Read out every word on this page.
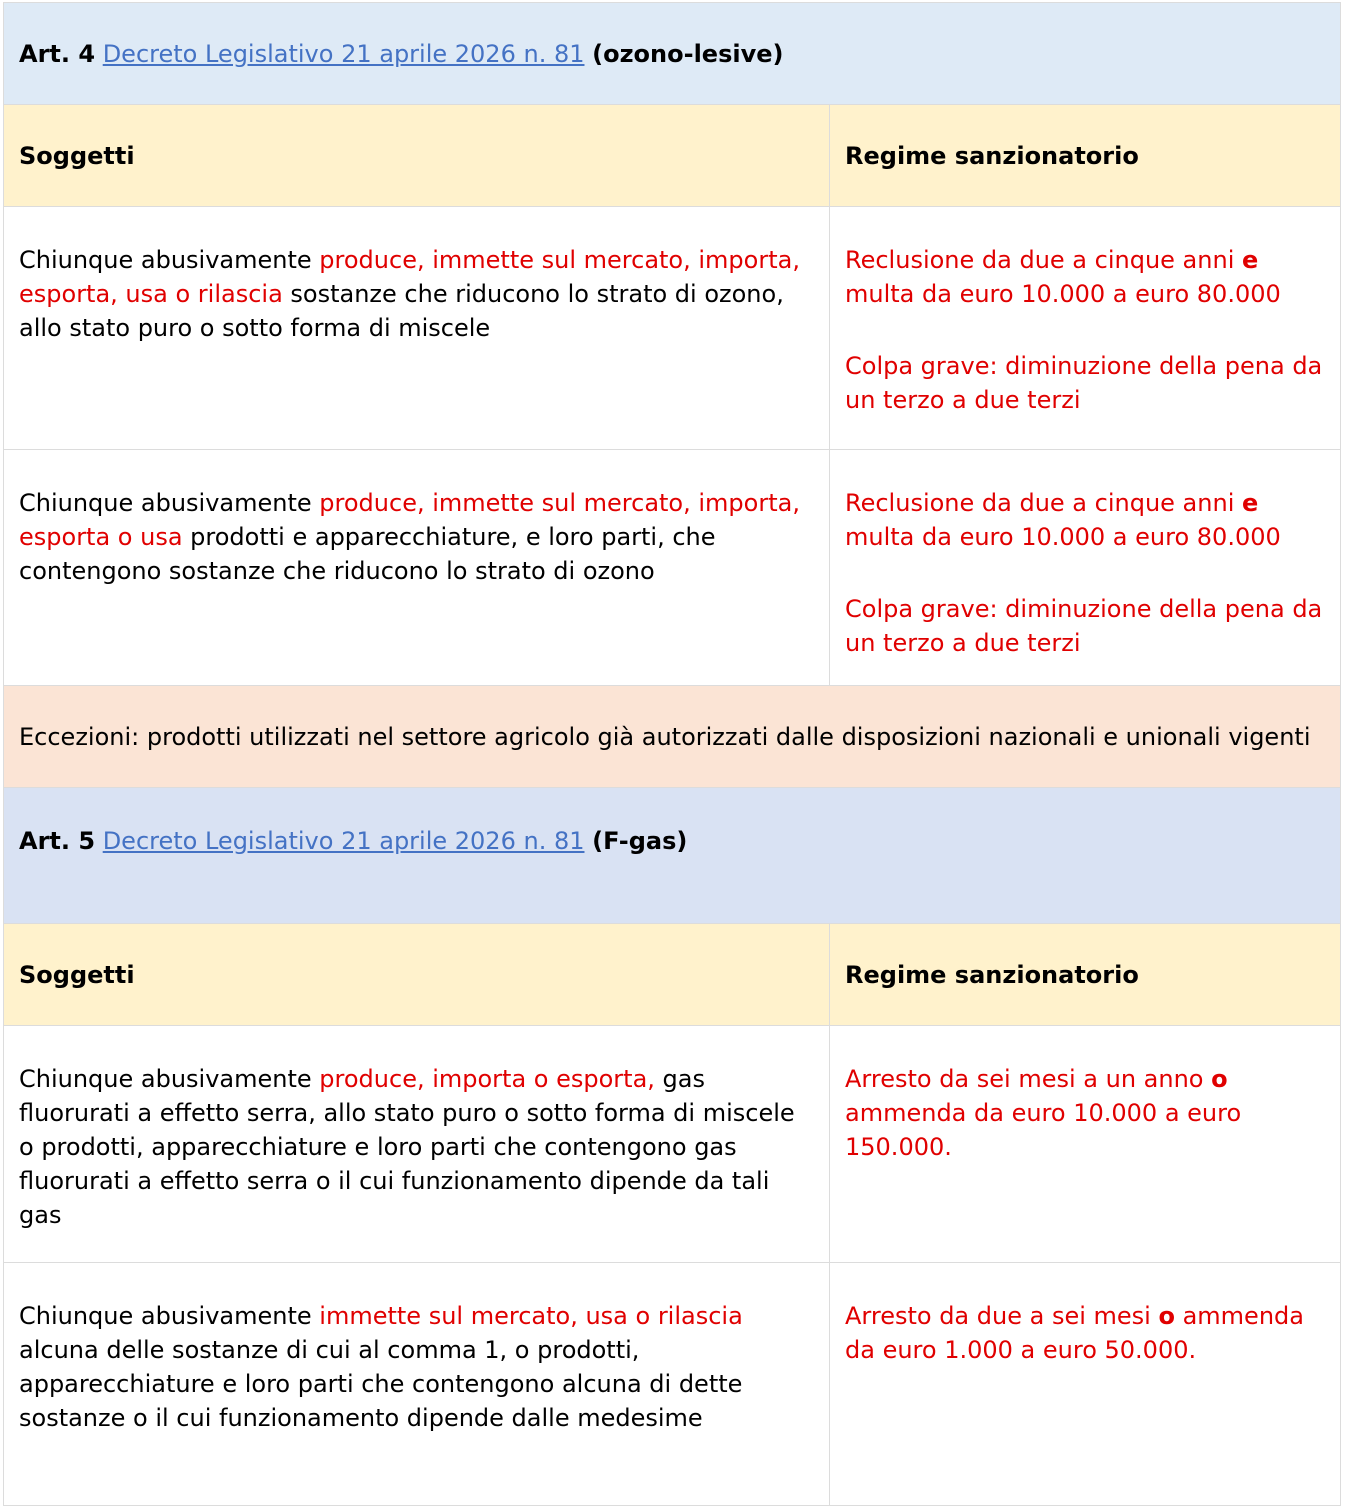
Art. 4 Decreto Legislativo 21 aprile 2026 n. 81 (ozono-lesive)	
Soggetti	Regime sanzionatorio
Chiunque abusivamente produce, immette sul mercato, importa, esporta, usa o rilascia sostanze che riducono lo strato di ozono, allo stato puro o sotto forma di miscele	Reclusione da due a cinque anni e multa da euro 10.000 a euro 80.000
Colpa grave: diminuzione della pena da un terzo a due terzi

Chiunque abusivamente produce, immette sul mercato, importa, esporta o usa prodotti e apparecchiature, e loro parti, che contengono sostanze che riducono lo strato di ozono	Reclusione da due a cinque anni e multa da euro 10.000 a euro 80.000
Colpa grave: diminuzione della pena da un terzo a due terzi

Eccezioni: prodotti utilizzati nel settore agricolo già autorizzati dalle disposizioni nazionali e unionali vigenti	
Art. 5 Decreto Legislativo 21 aprile 2026 n. 81 (F-gas)	
Soggetti	Regime sanzionatorio
Chiunque abusivamente produce, importa o esporta, gas fluorurati a effetto serra, allo stato puro o sotto forma di miscele o prodotti, apparecchiature e loro parti che contengono gas fluorurati a effetto serra o il cui funzionamento dipende da tali gas	Arresto da sei mesi a un anno o ammenda da euro 10.000 a euro 150.000.

Chiunque abusivamente immette sul mercato, usa o rilascia alcuna delle sostanze di cui al comma 1, o prodotti, apparecchiature e loro parti che contengono alcuna di dette sostanze o il cui funzionamento dipende dalle medesime	Arresto da due a sei mesi o ammenda da euro 1.000 a euro 50.000.
